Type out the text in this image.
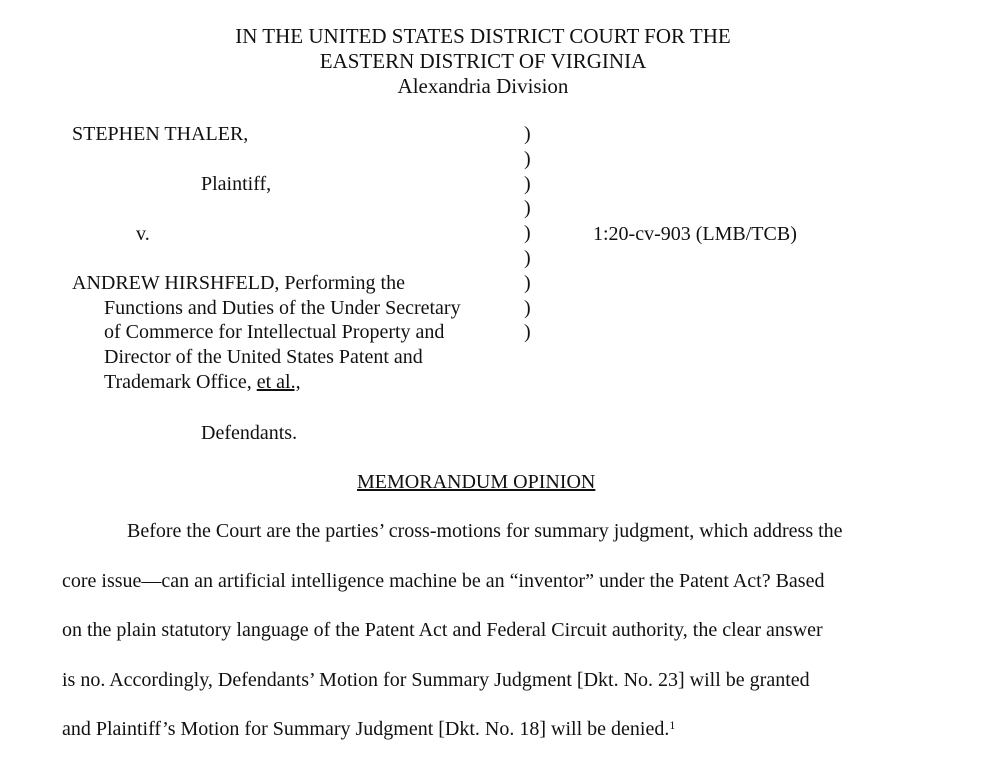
IN THE UNITED STATES DISTRICT COURT FOR THE
EASTERN DISTRICT OF VIRGINIA
Alexandria Division
STEPHEN THALER,
Plaintiff,
v.
)
)
)
)
)
)
)
)
)
1:20-cv-903 (LMB/TCB)
ANDREW HIRSHFELD, Performing the
Functions and Duties of the Under Secretary
of Commerce for Intellectual Property and
Director of the United States Patent and
Trademark Office, et al.,
Defendants.
MEMORANDUM OPINION
Before the Court are the parties’ cross-motions for summary judgment, which address the
core issue—can an artificial intelligence machine be an “inventor” under the Patent Act? Based
on the plain statutory language of the Patent Act and Federal Circuit authority, the clear answer
is no. Accordingly, Defendants’ Motion for Summary Judgment [Dkt. No. 23] will be granted
and Plaintiff’s Motion for Summary Judgment [Dkt. No. 18] will be denied.$^1$
